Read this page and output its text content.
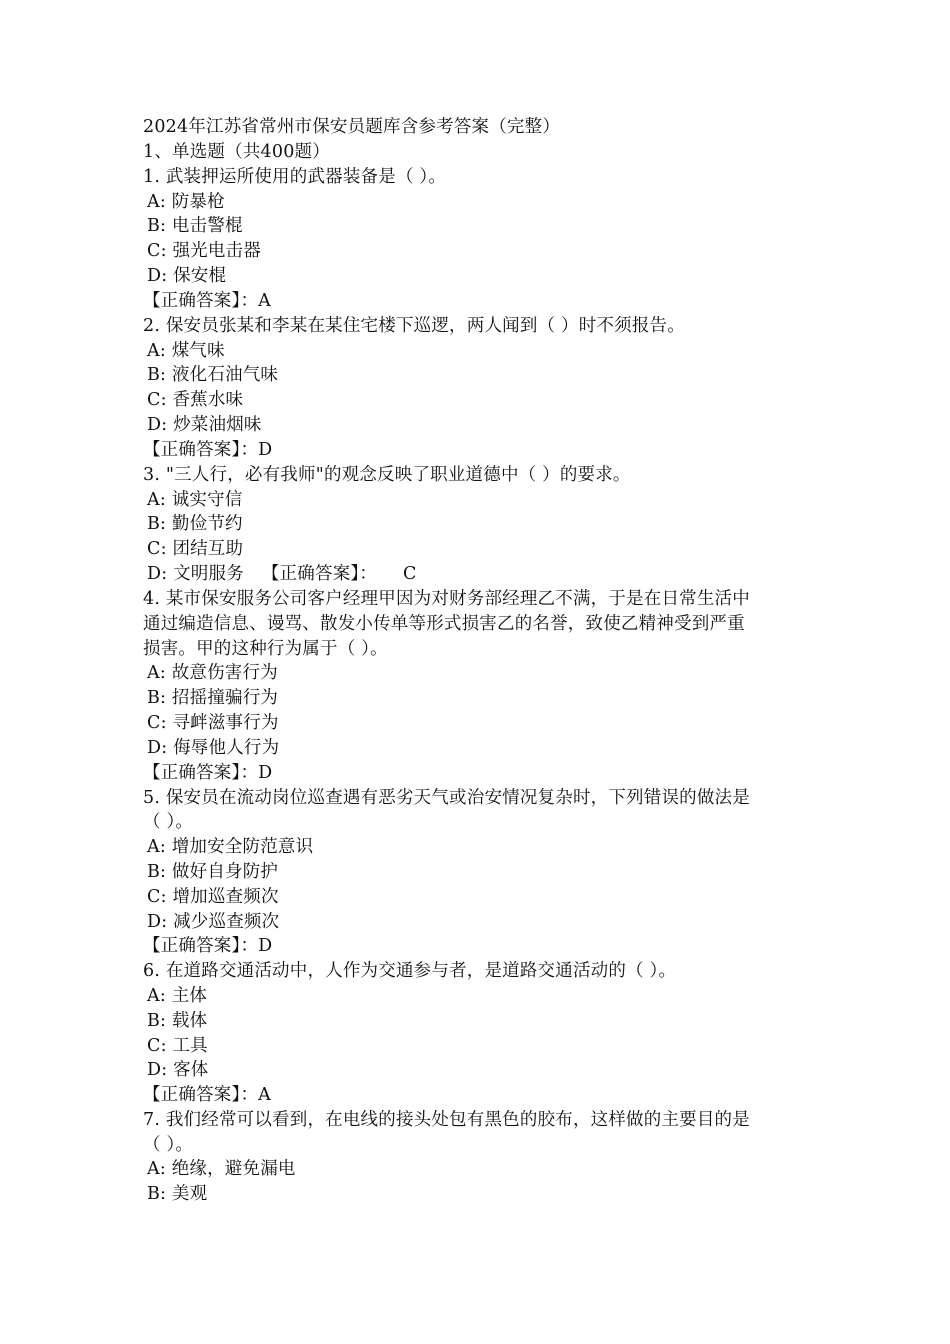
2024年江苏省常州市保安员题库含参考答案（完整）
1、单选题（共400题）
1. 武装押运所使用的武器装备是（ ）。
A: 防暴枪
B: 电击警棍
C: 强光电击器
D: 保安棍
【正确答案】：A
2. 保安员张某和李某在某住宅楼下巡逻，两人闻到（ ）时不须报告。
A: 煤气味
B: 液化石油气味
C: 香蕉水味
D: 炒菜油烟味
【正确答案】：D
3. "三人行，必有我师"的观念反映了职业道德中（ ）的要求。
A: 诚实守信
B: 勤俭节约
C: 团结互助
D: 文明服务 【正确答案】： C
4. 某市保安服务公司客户经理甲因为对财务部经理乙不满，于是在日常生活中
通过编造信息、谩骂、散发小传单等形式损害乙的名誉，致使乙精神受到严重
损害。甲的这种行为属于（ ）。
A: 故意伤害行为
B: 招摇撞骗行为
C: 寻衅滋事行为
D: 侮辱他人行为
【正确答案】：D
5. 保安员在流动岗位巡查遇有恶劣天气或治安情况复杂时，下列错误的做法是
（ ）。
A: 增加安全防范意识
B: 做好自身防护
C: 增加巡查频次
D: 减少巡查频次
【正确答案】：D
6. 在道路交通活动中，人作为交通参与者，是道路交通活动的（ ）。
A: 主体
B: 载体
C: 工具
D: 客体
【正确答案】：A
7. 我们经常可以看到，在电线的接头处包有黑色的胶布，这样做的主要目的是
（ ）。
A: 绝缘，避免漏电
B: 美观
